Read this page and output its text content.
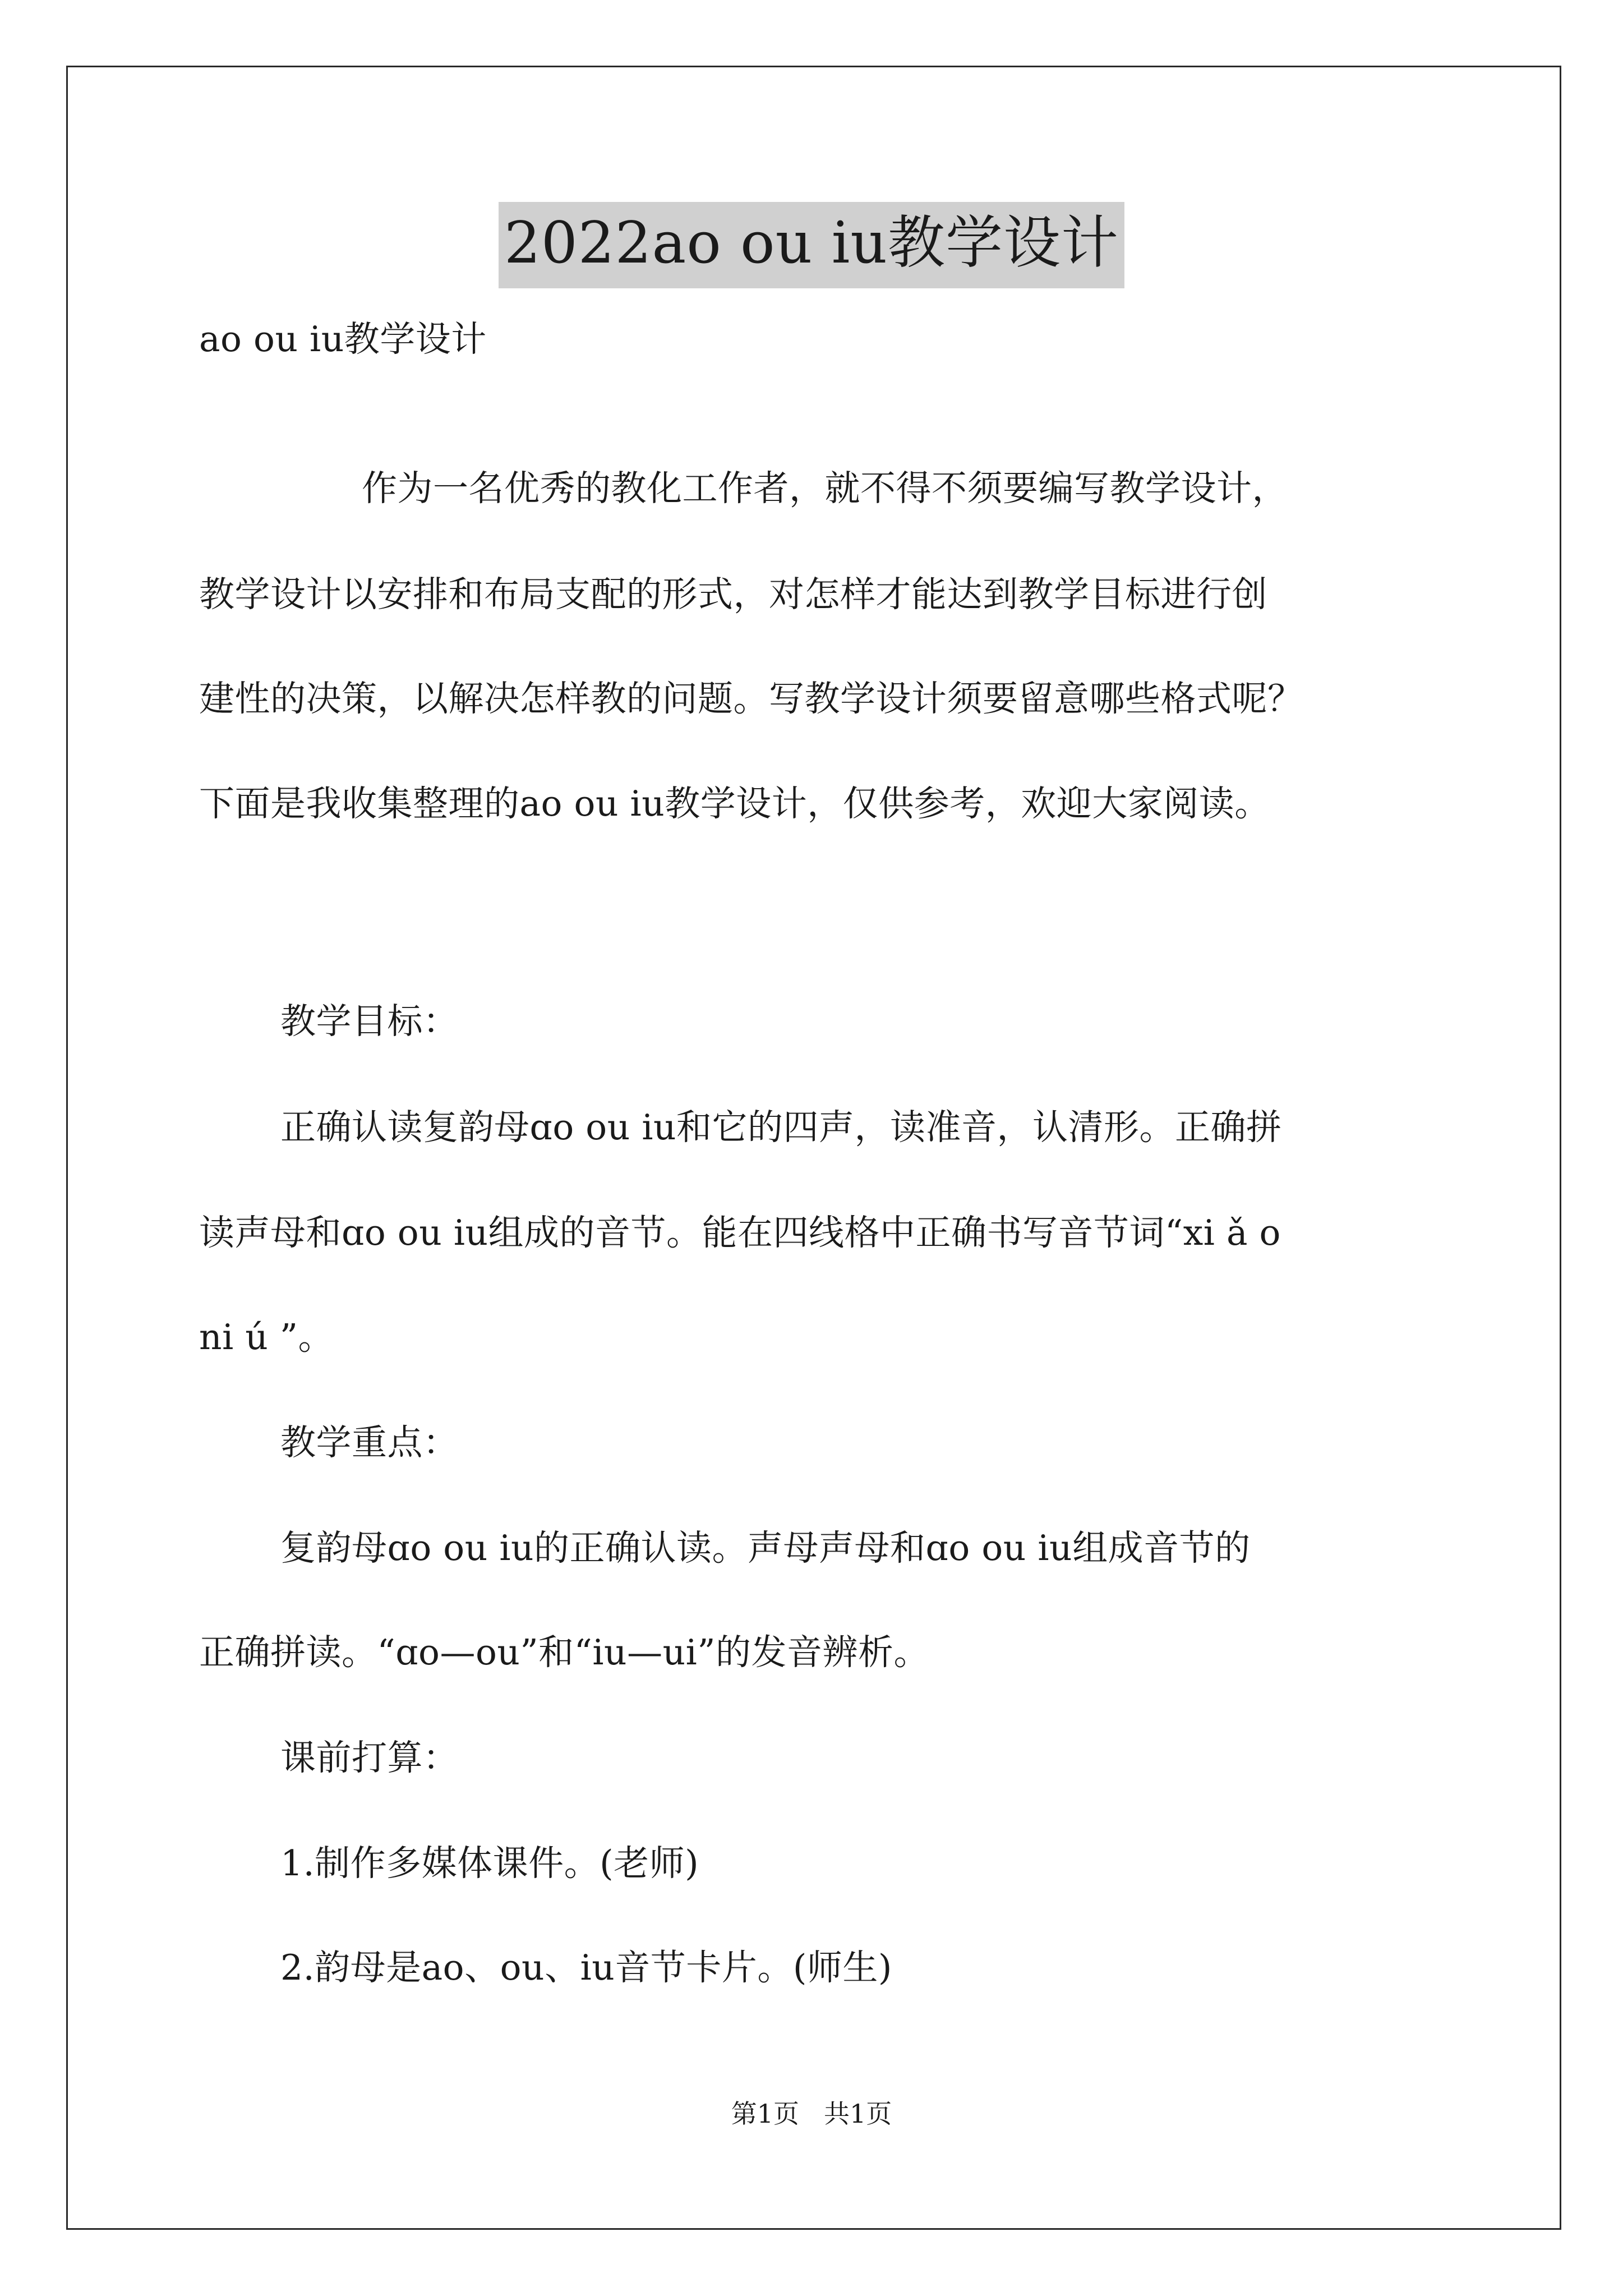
2022ao ou iu教学设计
ao ou iu教学设计
作为一名优秀的教化工作者，就不得不须要编写教学设计，
教学设计以安排和布局支配的形式，对怎样才能达到教学目标进行创
建性的决策，以解决怎样教的问题。写教学设计须要留意哪些格式呢？
下面是我收集整理的ao ou iu教学设计，仅供参考，欢迎大家阅读。
教学目标：
正确认读复韵母ɑo ou iu和它的四声，读准音，认清形。正确拼
读声母和ɑo ou iu组成的音节。能在四线格中正确书写音节词“xi ǎ o
ni ú ”。
教学重点：
复韵母ɑo ou iu的正确认读。声母声母和ɑo ou iu组成音节的
正确拼读。“ɑo—ou”和“iu—ui”的发音辨析。
课前打算：
1.制作多媒体课件。(老师)
2.韵母是ao、ou、iu音节卡片。(师生)
第1页 共1页
